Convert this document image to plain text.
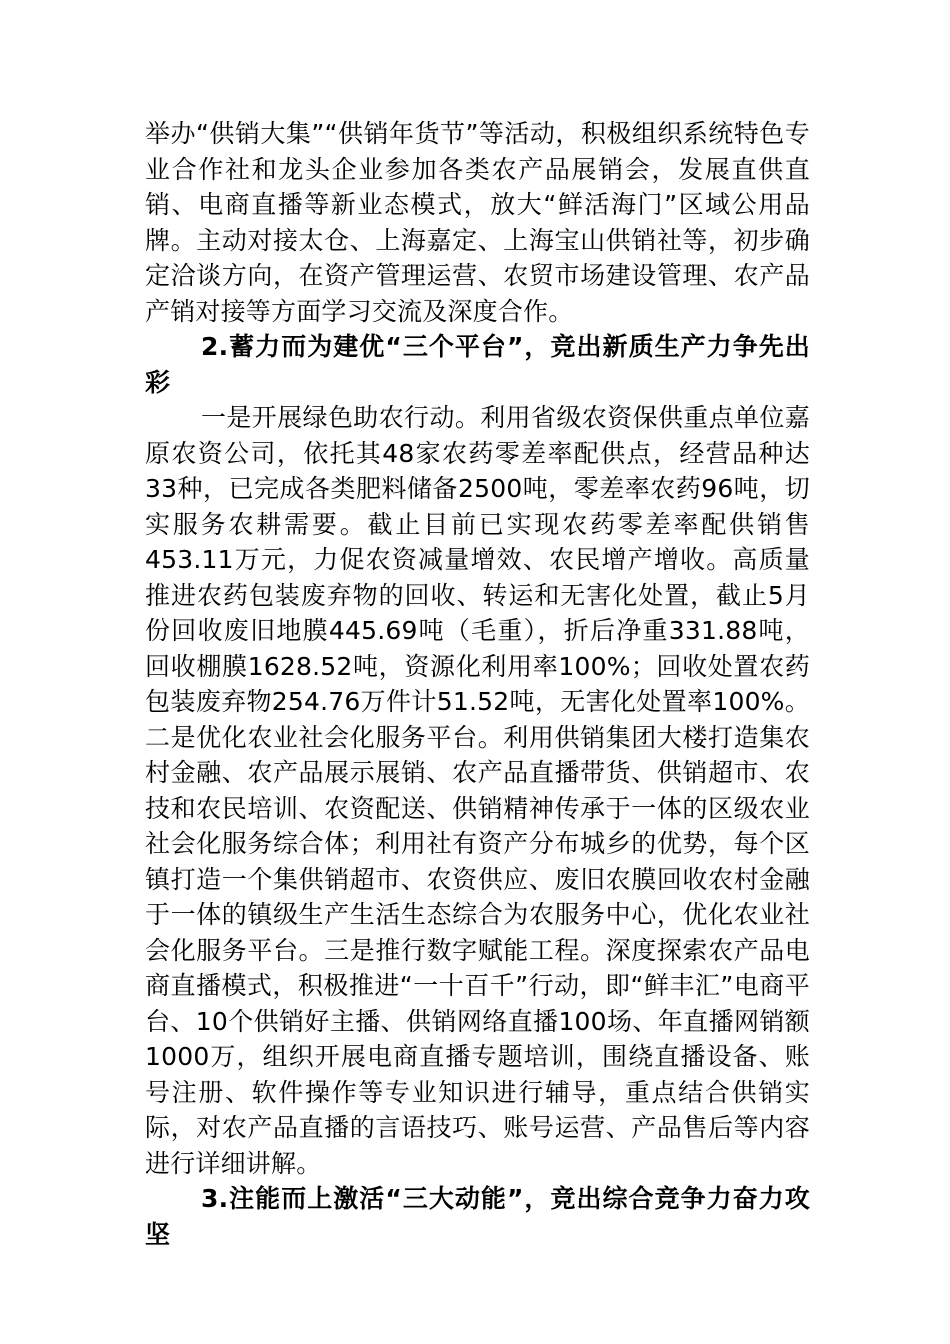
举办“供销大集”“供销年货节”等活动，积极组织系统特色专业合作社和龙头企业参加各类农产品展销会，发展直供直销、电商直播等新业态模式，放大“鲜活海门”区域公用品牌。主动对接太仓、上海嘉定、上海宝山供销社等，初步确定洽谈方向，在资产管理运营、农贸市场建设管理、农产品产销对接等方面学习交流及深度合作。

2.蓄力而为建优“三个平台”，竞出新质生产力争先出彩

一是开展绿色助农行动。利用省级农资保供重点单位嘉原农资公司，依托其48家农药零差率配供点，经营品种达33种，已完成各类肥料储备2500吨，零差率农药96吨，切实服务农耕需要。截止目前已实现农药零差率配供销售453.11万元，力促农资减量增效、农民增产增收。高质量推进农药包装废弃物的回收、转运和无害化处置，截止5月份回收废旧地膜445.69吨（毛重），折后净重331.88吨，回收棚膜1628.52吨，资源化利用率100%；回收处置农药包装废弃物254.76万件计51.52吨，无害化处置率100%。二是优化农业社会化服务平台。利用供销集团大楼打造集农村金融、农产品展示展销、农产品直播带货、供销超市、农技和农民培训、农资配送、供销精神传承于一体的区级农业社会化服务综合体；利用社有资产分布城乡的优势，每个区镇打造一个集供销超市、农资供应、废旧农膜回收农村金融于一体的镇级生产生活生态综合为农服务中心，优化农业社会化服务平台。三是推行数字赋能工程。深度探索农产品电商直播模式，积极推进“一十百千”行动，即“鲜丰汇”电商平台、10个供销好主播、供销网络直播100场、年直播网销额1000万，组织开展电商直播专题培训，围绕直播设备、账号注册、软件操作等专业知识进行辅导，重点结合供销实际，对农产品直播的言语技巧、账号运营、产品售后等内容进行详细讲解。

3.注能而上激活“三大动能”，竞出综合竞争力奋力攻坚
